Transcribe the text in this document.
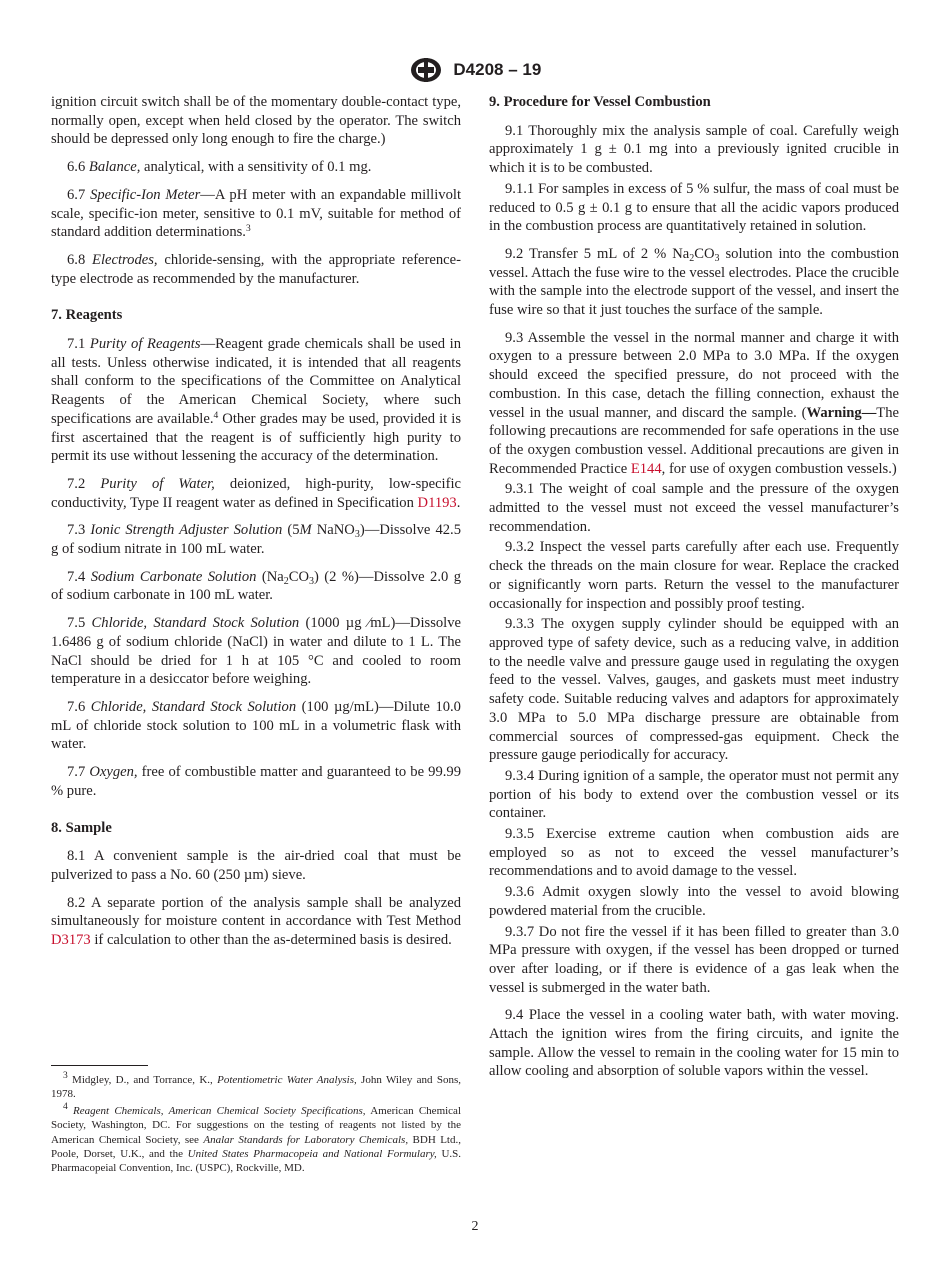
D4208 – 19

ignition circuit switch shall be of the momentary double-contact type, normally open, except when held closed by the operator. The switch should be depressed only long enough to fire the charge.)

6.6 Balance, analytical, with a sensitivity of 0.1 mg.

6.7 Specific-Ion Meter—A pH meter with an expandable millivolt scale, specific-ion meter, sensitive to 0.1 mV, suitable for method of standard addition determinations.$^3$

6.8 Electrodes, chloride-sensing, with the appropriate reference-type electrode as recommended by the manufacturer.

7. Reagents

7.1 Purity of Reagents—Reagent grade chemicals shall be used in all tests. Unless otherwise indicated, it is intended that all reagents shall conform to the specifications of the Committee on Analytical Reagents of the American Chemical Society, where such specifications are available.$^4$ Other grades may be used, provided it is first ascertained that the reagent is of sufficiently high purity to permit its use without lessening the accuracy of the determination.

7.2 Purity of Water, deionized, high-purity, low-specific conductivity, Type II reagent water as defined in Specification D1193.

7.3 Ionic Strength Adjuster Solution (5M NaNO$_3$)—Dissolve 42.5 g of sodium nitrate in 100 mL water.

7.4 Sodium Carbonate Solution $(Na_2CO_3)$ (2 %)—Dissolve 2.0 g of sodium carbonate in 100 mL water.

7.5 Chloride, Standard Stock Solution (1000 µg ⁄mL)—Dissolve 1.6486 g of sodium chloride (NaCl) in water and dilute to 1 L. The NaCl should be dried for 1 h at 105 °C and cooled to room temperature in a desiccator before weighing.

7.6 Chloride, Standard Stock Solution (100 µg/mL)—Dilute 10.0 mL of chloride stock solution to 100 mL in a volumetric flask with water.

7.7 Oxygen, free of combustible matter and guaranteed to be 99.99 % pure.

8. Sample

8.1 A convenient sample is the air-dried coal that must be pulverized to pass a No. 60 (250 µm) sieve.

8.2 A separate portion of the analysis sample shall be analyzed simultaneously for moisture content in accordance with Test Method D3173 if calculation to other than the as-determined basis is desired.

9. Procedure for Vessel Combustion

9.1 Thoroughly mix the analysis sample of coal. Carefully weigh approximately 1 g ± 0.1 mg into a previously ignited crucible in which it is to be combusted.

9.1.1 For samples in excess of 5 % sulfur, the mass of coal must be reduced to 0.5 g ± 0.1 g to ensure that all the acidic vapors produced in the combustion process are quantitatively retained in solution.

9.2 Transfer 5 mL of 2 % $Na_2CO_3$ solution into the combustion vessel. Attach the fuse wire to the vessel electrodes. Place the crucible with the sample into the electrode support of the vessel, and insert the fuse wire so that it just touches the surface of the sample.

9.3 Assemble the vessel in the normal manner and charge it with oxygen to a pressure between 2.0 MPa to 3.0 MPa. If the oxygen should exceed the specified pressure, do not proceed with the combustion. In this case, detach the filling connection, exhaust the vessel in the usual manner, and discard the sample. (Warning—The following precautions are recommended for safe operations in the use of the oxygen combustion vessel. Additional precautions are given in Recommended Practice E144, for use of oxygen combustion vessels.)

9.3.1 The weight of coal sample and the pressure of the oxygen admitted to the vessel must not exceed the vessel manufacturer’s recommendation.

9.3.2 Inspect the vessel parts carefully after each use. Frequently check the threads on the main closure for wear. Replace the cracked or significantly worn parts. Return the vessel to the manufacturer occasionally for inspection and possibly proof testing.

9.3.3 The oxygen supply cylinder should be equipped with an approved type of safety device, such as a reducing valve, in addition to the needle valve and pressure gauge used in regulating the oxygen feed to the vessel. Valves, gauges, and gaskets must meet industry safety code. Suitable reducing valves and adaptors for approximately 3.0 MPa to 5.0 MPa discharge pressure are obtainable from commercial sources of compressed-gas equipment. Check the pressure gauge periodically for accuracy.

9.3.4 During ignition of a sample, the operator must not permit any portion of his body to extend over the combustion vessel or its container.

9.3.5 Exercise extreme caution when combustion aids are employed so as not to exceed the vessel manufacturer’s recommendations and to avoid damage to the vessel.

9.3.6 Admit oxygen slowly into the vessel to avoid blowing powdered material from the crucible.

9.3.7 Do not fire the vessel if it has been filled to greater than 3.0 MPa pressure with oxygen, if the vessel has been dropped or turned over after loading, or if there is evidence of a gas leak when the vessel is submerged in the water bath.

9.4 Place the vessel in a cooling water bath, with water moving. Attach the ignition wires from the firing circuits, and ignite the sample. Allow the vessel to remain in the cooling water for 15 min to allow cooling and absorption of soluble vapors within the vessel.

$^3$ Midgley, D., and Torrance, K., Potentiometric Water Analysis, John Wiley and Sons, 1978.

$^4$ Reagent Chemicals, American Chemical Society Specifications, American Chemical Society, Washington, DC. For suggestions on the testing of reagents not listed by the American Chemical Society, see Analar Standards for Laboratory Chemicals, BDH Ltd., Poole, Dorset, U.K., and the United States Pharmacopeia and National Formulary, U.S. Pharmacopeial Convention, Inc. (USPC), Rockville, MD.

2
